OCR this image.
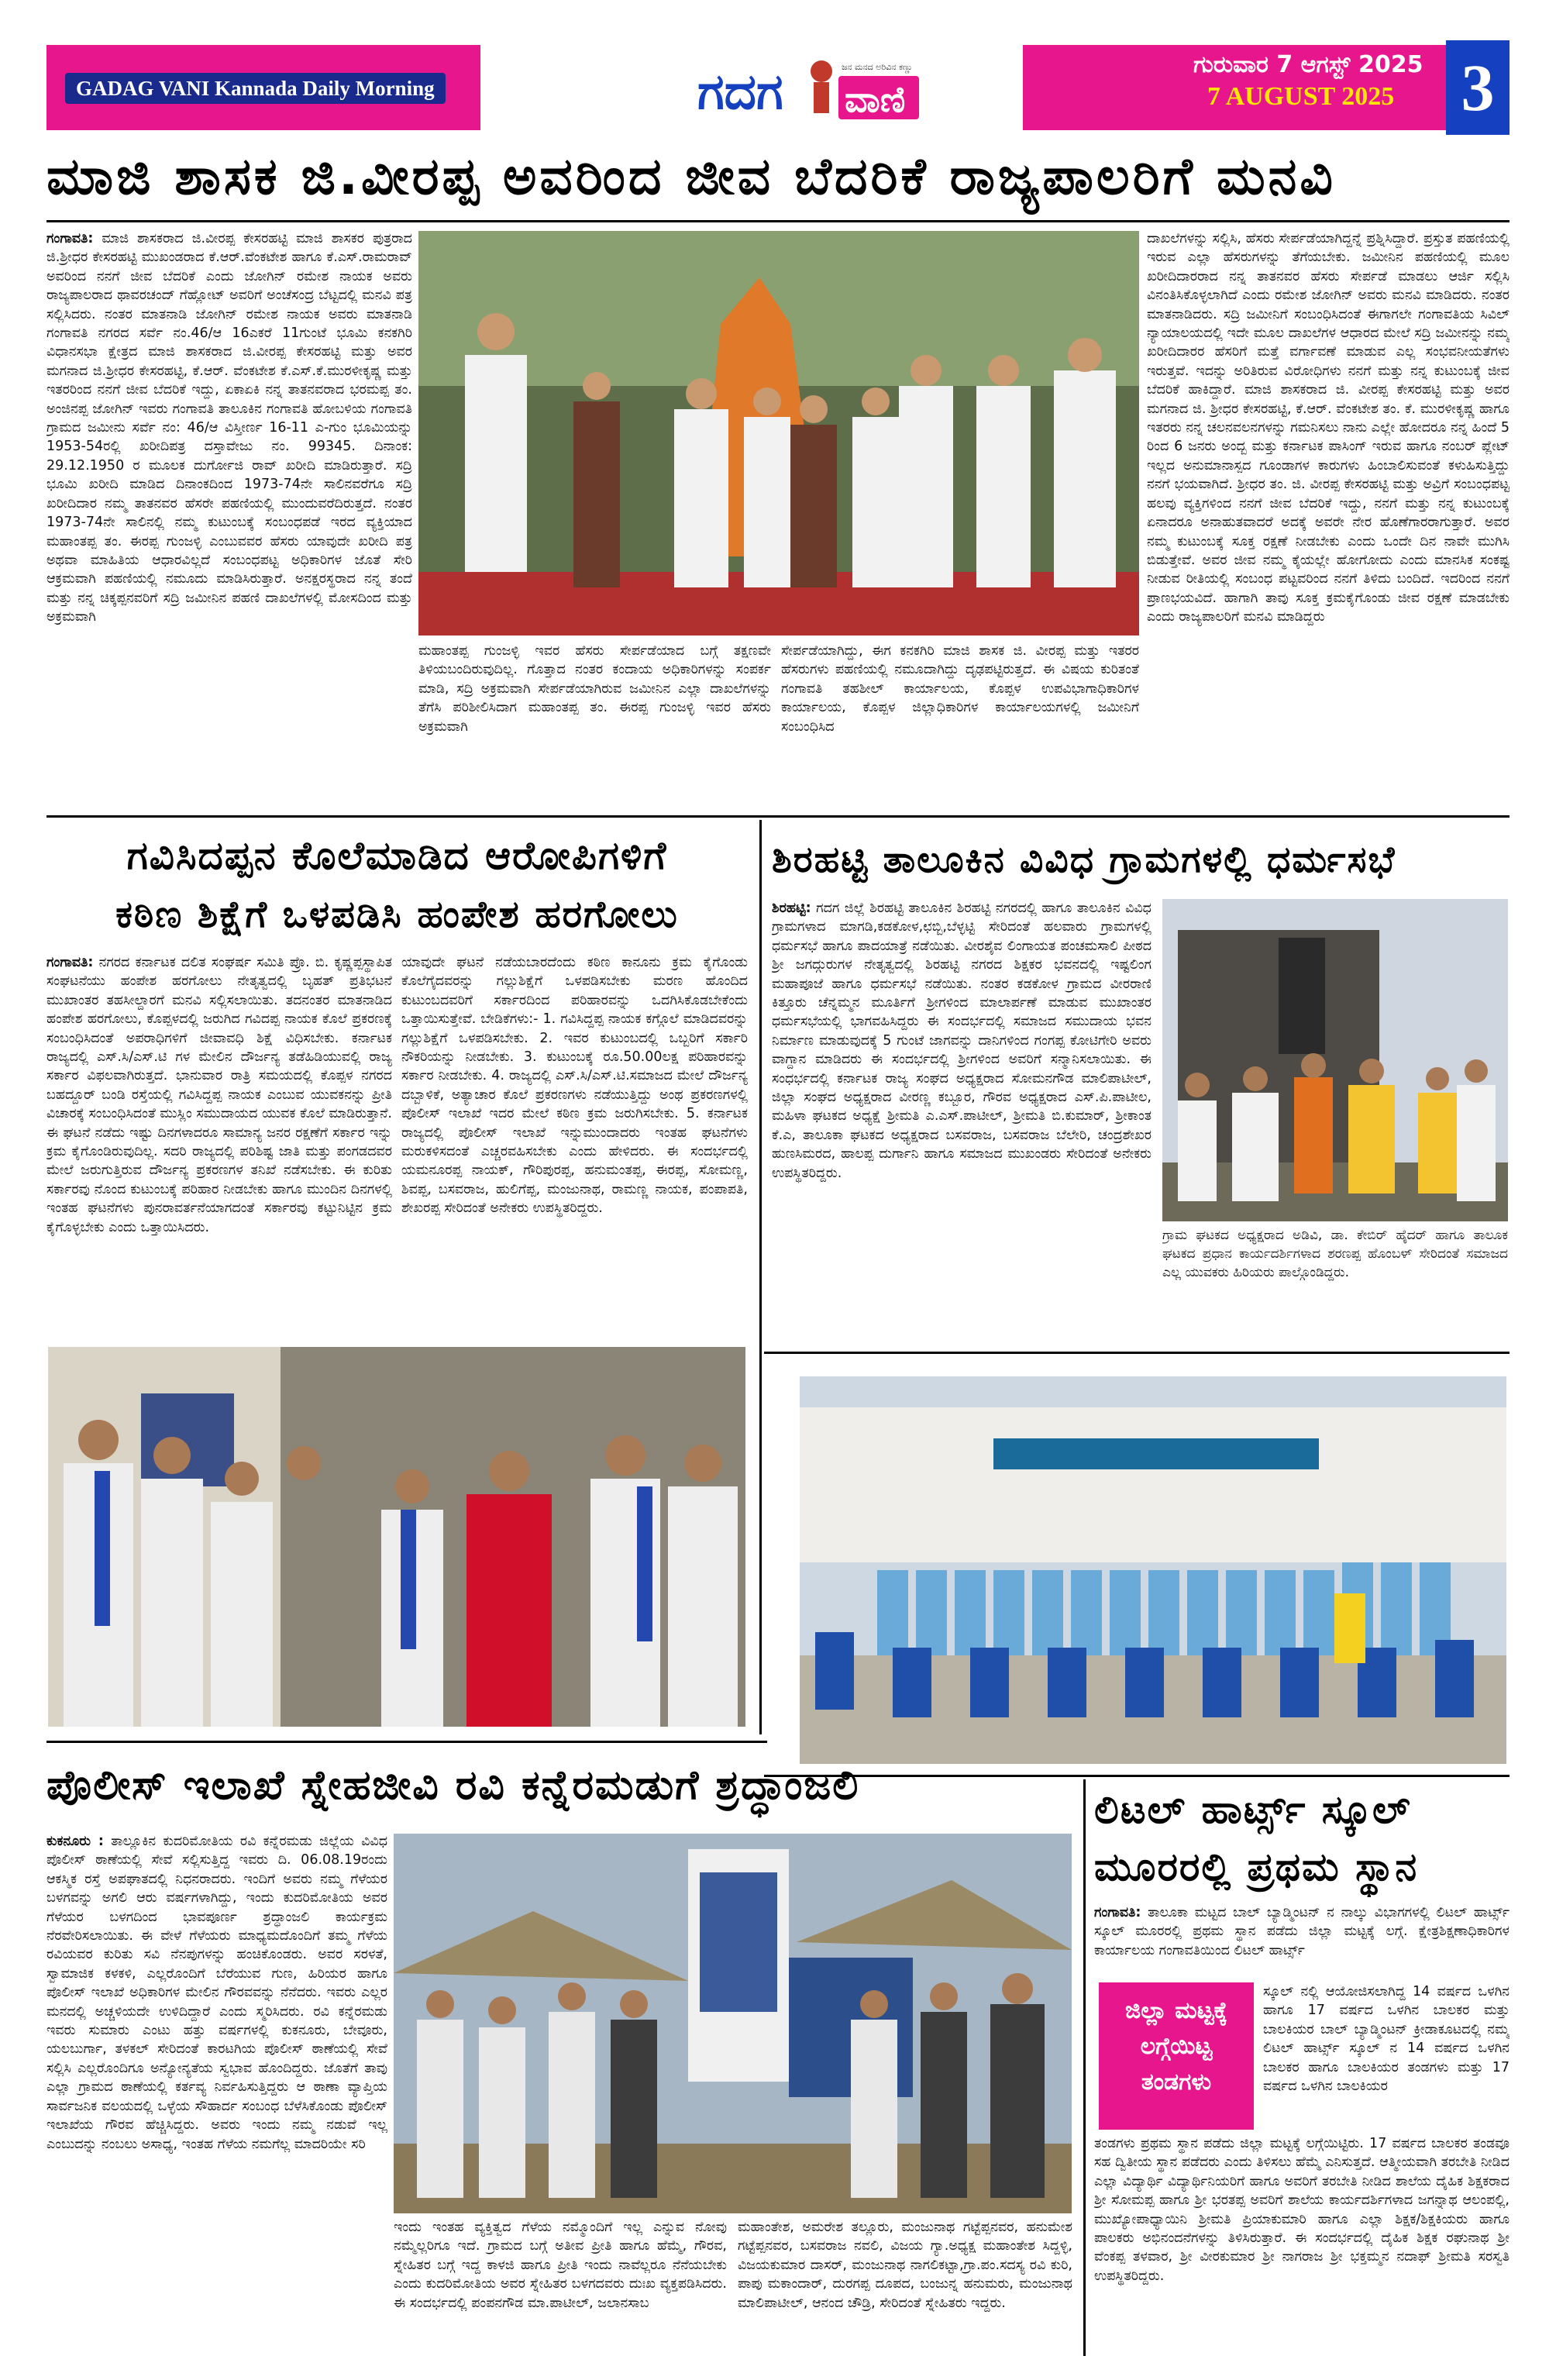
GADAG VANI Kannada Daily Morning	ಗದಗ ವಾಣಿ
ಜನ ಮನದ ಅರಿವಿನ ಕಣ್ಣು	ಗುರುವಾರ 7 ಆಗಸ್ಟ್ 2025
7 AUGUST 2025 3
ಮಾಜಿ ಶಾಸಕ ಜಿ.ವೀರಪ್ಪ ಅವರಿಂದ ಜೀವ ಬೆದರಿಕೆ ರಾಜ್ಯಪಾಲರಿಗೆ ಮನವಿ
ಗಂಗಾವತಿ: ಮಾಜಿ ಶಾಸಕರಾದ ಜಿ.ವೀರಪ್ಪ ಕೇಸರಹಟ್ಟಿ ಮಾಜಿ ಶಾಸಕರ ಪುತ್ರರಾದ ಜಿ.ಶ್ರೀಧರ ಕೇಸರಹಟ್ಟಿ ಮುಖಂಡರಾದ ಕೆ.ಆರ್.ವೆಂಕಟೇಶ ಹಾಗೂ ಕೆ.ಎಸ್.ರಾಮರಾವ್ ಅವರಿಂದ ನನಗೆ ಜೀವ ಬೆದರಿಕೆ ಎಂದು ಜೋಗಿನ್ ರಮೇಶ ನಾಯಕ ಅವರು ರಾಜ್ಯಪಾಲರಾದ ಥಾವರಚಂದ್ ಗೆಹ್ಲೋಟ್ ಅವರಿಗೆ ಅಂಚೆಸಂದ್ರ ಬೆಟ್ಟದಲ್ಲಿ ಮನವಿ ಪತ್ರ ಸಲ್ಲಿಸಿದರು. ನಂತರ ಮಾತನಾಡಿ ಜೋಗಿನ್ ರಮೇಶ ನಾಯಕ ಅವರು ಮಾತನಾಡಿ ಗಂಗಾವತಿ ನಗರದ ಸರ್ವೆ ನಂ.46/ಆ 16ಎಕರೆ 11ಗುಂಟೆ ಭೂಮಿ ಕನಕಗಿರಿ ವಿಧಾನಸಭಾ ಕ್ಷೇತ್ರದ ಮಾಜಿ ಶಾಸಕರಾದ ಜಿ.ವೀರಪ್ಪ ಕೇಸರಹಟ್ಟಿ ಮತ್ತು ಅವರ ಮಗನಾದ ಜಿ.ಶ್ರೀಧರ ಕೇಸರಹಟ್ಟಿ, ಕೆ.ಆರ್. ವೆಂಕಟೇಶ ಕೆ.ಎಸ್.ಕೆ.ಮುರಳೀಕೃಷ್ಣ ಮತ್ತು ಇತರರಿಂದ ನನಗೆ ಜೀವ ಬೆದರಿಕೆ ಇದ್ದು, ಏಕಾಏಕಿ ನನ್ನ ತಾತನವರಾದ ಭರಮಪ್ಪ ತಂ. ಅಂಜಿನಪ್ಪ ಜೋಗಿನ್ ಇವರು ಗಂಗಾವತಿ ತಾಲೂಕಿನ ಗಂಗಾವತಿ ಹೋಬಳಿಯ ಗಂಗಾವತಿ ಗ್ರಾಮದ ಜಮೀನು ಸರ್ವೆ ನಂ: 46/ಆ ವಿಸ್ತೀರ್ಣ 16-11 ಎ-ಗುಂ ಭೂಮಿಯನ್ನು 1953-54ರಲ್ಲಿ ಖರೀದಿಪತ್ರ ದಸ್ತಾವೇಜು ನಂ. 99345. ದಿನಾಂಕ: 29.12.1950 ರ ಮೂಲಕ ದುರ್ಗೋಜಿ ರಾವ್ ಖರೀದಿ ಮಾಡಿರುತ್ತಾರೆ. ಸದ್ರಿ ಭೂಮಿ ಖರೀದಿ ಮಾಡಿದ ದಿನಾಂಕದಿಂದ 1973-74ನೇ ಸಾಲಿನವರೆಗೂ ಸದ್ರಿ ಖರೀದಿದಾರ ನಮ್ಮ ತಾತನವರ ಹೆಸರೇ ಪಹಣಿಯಲ್ಲಿ ಮುಂದುವರೆದಿರುತ್ತದೆ. ನಂತರ 1973-74ನೇ ಸಾಲಿನಲ್ಲಿ ನಮ್ಮ ಕುಟುಂಬಕ್ಕೆ ಸಂಬಂಧಪಡೆ ಇರದ ವ್ಯಕ್ತಿಯಾದ ಮಹಾಂತಪ್ಪ ತಂ. ಈರಪ್ಪ ಗುಂಜಳ್ಳಿ ಎಂಬುವವರ ಹೆಸರು ಯಾವುದೇ ಖರೀದಿ ಪತ್ರ ಅಥವಾ ಮಾಹಿತಿಯ ಆಧಾರವಿಲ್ಲದೆ ಸಂಬಂಧಪಟ್ಟ ಅಧಿಕಾರಿಗಳ ಜೊತೆ ಸೇರಿ ಆಕ್ರಮವಾಗಿ ಪಹಣಿಯಲ್ಲಿ ನಮೂದು ಮಾಡಿಸಿರುತ್ತಾರೆ. ಅನಕ್ಷರಸ್ಥರಾದ ನನ್ನ ತಂದೆ ಮತ್ತು ನನ್ನ ಚಿಕ್ಕಪ್ಪನವರಿಗೆ ಸದ್ರಿ ಜಮೀನಿನ ಪಹಣಿ ದಾಖಲೆಗಳಲ್ಲಿ ಮೋಸದಿಂದ ಮತ್ತು ಅಕ್ರಮವಾಗಿ
ಮಹಾಂತಪ್ಪ ಗುಂಜಳ್ಳಿ ಇವರ ಹೆಸರು ಸೇರ್ಪಡೆಯಾದ ಬಗ್ಗೆ ತಕ್ಷಣವೇ ತಿಳಿಯಬಂದಿರುವುದಿಲ್ಲ. ಗೊತ್ತಾದ ನಂತರ ಕಂದಾಯ ಅಧಿಕಾರಿಗಳನ್ನು ಸಂಪರ್ಕ ಮಾಡಿ, ಸದ್ರಿ ಅಕ್ರಮವಾಗಿ ಸೇರ್ಪಡೆಯಾಗಿರುವ ಜಮೀನಿನ ಎಲ್ಲಾ ದಾಖಲೆಗಳನ್ನು ತೆಗೆಸಿ ಪರಿಶೀಲಿಸಿದಾಗ ಮಹಾಂತಪ್ಪ ತಂ. ಈರಪ್ಪ ಗುಂಜಳ್ಳಿ ಇವರ ಹೆಸರು ಅಕ್ರಮವಾಗಿ
ಸೇರ್ಪಡೆಯಾಗಿದ್ದು, ಈಗ ಕನಕಗಿರಿ ಮಾಜಿ ಶಾಸಕ ಜಿ. ವೀರಪ್ಪ ಮತ್ತು ಇತರರ ಹೆಸರುಗಳು ಪಹಣಿಯಲ್ಲಿ ನಮೂದಾಗಿದ್ದು ದೃಢಪಟ್ಟಿರುತ್ತದೆ. ಈ ವಿಷಯ ಕುರಿತಂತೆ ಗಂಗಾವತಿ ತಹಶೀಲ್ ಕಾರ್ಯಾಲಯ, ಕೊಪ್ಪಳ ಉಪವಿಭಾಗಾಧಿಕಾರಿಗಳ ಕಾರ್ಯಾಲಯ, ಕೊಪ್ಪಳ ಜಿಲ್ಲಾಧಿಕಾರಿಗಳ ಕಾರ್ಯಾಲಯಗಳಲ್ಲಿ ಜಮೀನಿಗೆ ಸಂಬಂಧಿಸಿದ
ದಾಖಲೆಗಳನ್ನು ಸಲ್ಲಿಸಿ, ಹೆಸರು ಸೇರ್ಪಡೆಯಾಗಿದ್ದನ್ನೆ ಪ್ರಶ್ನಿಸಿದ್ದಾರೆ. ಪ್ರಸ್ತುತ ಪಹಣಿಯಲ್ಲಿ ಇರುವ ಎಲ್ಲಾ ಹೆಸರುಗಳನ್ನು ತೆಗೆಯಬೇಕು. ಜಮೀನಿನ ಪಹಣಿಯಲ್ಲಿ ಮೂಲ ಖರೀದಿದಾರರಾದ ನನ್ನ ತಾತನವರ ಹೆಸರು ಸೇರ್ಪಡೆ ಮಾಡಲು ಆರ್ಜಿ ಸಲ್ಲಿಸಿ ವಿನಂತಿಸಿಕೊಳ್ಳಲಾಗಿದೆ ಎಂದು ರಮೇಶ ಜೋಗಿನ್ ಅವರು ಮನವಿ ಮಾಡಿದರು. ನಂತರ ಮಾತನಾಡಿದರು. ಸದ್ರಿ ಜಮೀನಿಗೆ ಸಂಬಂಧಿಸಿದಂತೆ ಈಗಾಗಲೇ ಗಂಗಾವತಿಯ ಸಿವಿಲ್ ನ್ಯಾಯಾಲಯದಲ್ಲಿ ಇದೇ ಮೂಲ ದಾಖಲೆಗಳ ಆಧಾರದ ಮೇಲೆ ಸದ್ರಿ ಜಮೀನನ್ನು ನಮ್ಮ ಖರೀದಿದಾರರ ಹೆಸರಿಗೆ ಮತ್ತೆ ವರ್ಗಾವಣೆ ಮಾಡುವ ಎಲ್ಲ ಸಂಭವನೀಯತೆಗಳು ಇರುತ್ತವೆ. ಇದನ್ನು ಅರಿತಿರುವ ವಿರೋಧಿಗಳು ನನಗೆ ಮತ್ತು ನನ್ನ ಕುಟುಂಬಕ್ಕೆ ಜೀವ ಬೆದರಿಕೆ ಹಾಕಿದ್ದಾರೆ. ಮಾಜಿ ಶಾಸಕರಾದ ಜಿ. ವೀರಪ್ಪ ಕೇಸರಹಟ್ಟಿ ಮತ್ತು ಅವರ ಮಗನಾದ ಜಿ. ಶ್ರೀಧರ ಕೇಸರಹಟ್ಟಿ, ಕೆ.ಆರ್. ವೆಂಕಟೇಶ ತಂ. ಕೆ. ಮುರಳೀಕೃಷ್ಣ ಹಾಗೂ ಇತರರು ನನ್ನ ಚಲನವಲನಗಳನ್ನು ಗಮನಿಸಲು ನಾನು ಎಲ್ಲೇ ಹೋದರೂ ನನ್ನ ಹಿಂದೆ 5 ರಿಂದ 6 ಜನರು ಅಂದ್ಬ ಮತ್ತು ಕರ್ನಾಟಕ ಪಾಸಿಂಗ್ ಇರುವ ಹಾಗೂ ನಂಬರ್ ಪ್ಲೇಟ್ ಇಲ್ಲದ ಅನುಮಾನಾಸ್ಪದ ಗೂಂಡಾಗಳ ಕಾರುಗಳು ಹಿಂಬಾಲಿಸುವಂತೆ ಕಳುಹಿಸುತ್ತಿದ್ದು ನನಗೆ ಭಯವಾಗಿದೆ. ಶ್ರೀಧರ ತಂ. ಜಿ. ವೀರಪ್ಪ ಕೇಸರಹಟ್ಟಿ ಮತ್ತು ಅವ್ರಿಗೆ ಸಂಬಂಧಪಟ್ಟ ಹಲವು ವ್ಯಕ್ತಿಗಳಿಂದ ನನಗೆ ಜೀವ ಬೆದರಿಕೆ ಇದ್ದು, ನನಗೆ ಮತ್ತು ನನ್ನ ಕುಟುಂಬಕ್ಕೆ ಏನಾದರೂ ಅನಾಹುತವಾದರೆ ಅದಕ್ಕೆ ಅವರೇ ನೇರ ಹೊಣೆಗಾರರಾಗುತ್ತಾರೆ. ಅವರ ನಮ್ಮ ಕುಟುಂಬಕ್ಕೆ ಸೂಕ್ತ ರಕ್ಷಣೆ ನೀಡಬೇಕು ಎಂದು ಒಂದೇ ದಿನ ನಾವೇ ಮುಗಿಸಿ ಬಿಡುತ್ತೇವೆ. ಅವರ ಜೀವ ನಮ್ಮ ಕೈಯಲ್ಲೇ ಹೋಗೋದು ಎಂದು ಮಾನಸಿಕ ಸಂಕಷ್ಟ ನೀಡುವ ರೀತಿಯಲ್ಲಿ ಸಂಬಂಧ ಪಟ್ಟವರಿಂದ ನನಗೆ ತಿಳಿದು ಬಂದಿದೆ. ಇದರಿಂದ ನನಗೆ ಪ್ರಾಣಭಯವಿದೆ. ಹಾಗಾಗಿ ತಾವು ಸೂಕ್ತ ಕ್ರಮಕೈಗೊಂಡು ಜೀವ ರಕ್ಷಣೆ ಮಾಡಬೇಕು ಎಂದು ರಾಜ್ಯಪಾಲರಿಗೆ ಮನವಿ ಮಾಡಿದ್ದರು
ಗವಿಸಿದಪ್ಪನ ಕೊಲೆಮಾಡಿದ ಆರೋಪಿಗಳಿಗೆ
ಕಠಿಣ ಶಿಕ್ಷೆಗೆ ಒಳಪಡಿಸಿ ಹಂಪೇಶ ಹರಗೋಲು
ಗಂಗಾವತಿ: ನಗರದ ಕರ್ನಾಟಕ ದಲಿತ ಸಂಘರ್ಷ ಸಮಿತಿ ಪ್ರೊ. ಬಿ. ಕೃಷ್ಣಪ್ಪಸ್ಥಾಪಿತ ಸಂಘಟನೆಯು ಹಂಪೇಶ ಹರಗೋಲು ನೇತೃತ್ವದಲ್ಲಿ ಬೃಹತ್ ಪ್ರತಿಭಟನೆ ಮುಖಾಂತರ ತಹಸೀಲ್ದಾರಗೆ ಮನವಿ ಸಲ್ಲಿಸಲಾಯಿತು. ತದನಂತರ ಮಾತನಾಡಿದ ಹಂಪೇಶ ಹರಗೋಲು, ಕೊಪ್ಪಳದಲ್ಲಿ ಜರುಗಿದ ಗವಿದಪ್ಪ ನಾಯಕ ಕೊಲೆ ಪ್ರಕರಣಕ್ಕೆ ಸಂಬಂಧಿಸಿದಂತೆ ಅಪರಾಧಿಗಳಿಗೆ ಜೀವಾವಧಿ ಶಿಕ್ಷೆ ವಿಧಿಸಬೇಕು. ಕರ್ನಾಟಕ ರಾಜ್ಯದಲ್ಲಿ ಎಸ್.ಸಿ/ಎಸ್.ಟಿ ಗಳ ಮೇಲಿನ ದೌರ್ಜನ್ಯ ತಡೆಹಿಡಿಯುವಲ್ಲಿ ರಾಜ್ಯ ಸರ್ಕಾರ ವಿಫಲವಾಗಿರುತ್ತದೆ. ಭಾನುವಾರ ರಾತ್ರಿ ಸಮಯದಲ್ಲಿ ಕೊಪ್ಪಳ ನಗರದ ಬಹದ್ದೂರ್ ಬಂಡಿ ರಸ್ತೆಯಲ್ಲಿ ಗವಿಸಿದ್ದಪ್ಪ ನಾಯಕ ಎಂಬುವ ಯುವಕನನ್ನು ಪ್ರೀತಿ ವಿಚಾರಕ್ಕೆ ಸಂಬಂಧಿಸಿದಂತೆ ಮುಸ್ಲಿಂ ಸಮುದಾಯದ ಯುವಕ ಕೊಲೆ ಮಾಡಿರುತ್ತಾನೆ. ಈ ಘಟನೆ ನಡೆದು ಇಷ್ಟು ದಿನಗಳಾದರೂ ಸಾಮಾನ್ಯ ಜನರ ರಕ್ಷಣೆಗೆ ಸರ್ಕಾರ ಇನ್ನು ಕ್ರಮ ಕೈಗೊಂಡಿರುವುದಿಲ್ಲ. ಸದರಿ ರಾಜ್ಯದಲ್ಲಿ ಪರಿಶಿಷ್ಟ ಜಾತಿ ಮತ್ತು ಪಂಗಡದವರ ಮೇಲೆ ಜರುಗುತ್ತಿರುವ ದೌರ್ಜನ್ಯ ಪ್ರಕರಣಗಳ ತನಿಖೆ ನಡೆಸಬೇಕು. ಈ ಕುರಿತು ಸರ್ಕಾರವು ನೊಂದ ಕುಟುಂಬಕ್ಕೆ ಪರಿಹಾರ ನೀಡಬೇಕು ಹಾಗೂ ಮುಂದಿನ ದಿನಗಳಲ್ಲಿ ಇಂತಹ ಘಟನೆಗಳು ಪುನರಾವರ್ತನೆಯಾಗದಂತೆ ಸರ್ಕಾರವು ಕಟ್ಟುನಿಟ್ಟಿನ ಕ್ರಮ ಕೈಗೊಳ್ಳಬೇಕು ಎಂದು ಒತ್ತಾಯಿಸಿದರು.
ಯಾವುದೇ ಘಟನೆ ನಡೆಯಬಾರದೆಂದು ಕಠಿಣ ಕಾನೂನು ಕ್ರಮ ಕೈಗೊಂಡು ಕೊಲೆಗೈದವರನ್ನು ಗಲ್ಲುಶಿಕ್ಷೆಗೆ ಒಳಪಡಿಸಬೇಕು ಮರಣ ಹೊಂದಿದ ಕುಟುಂಬದವರಿಗೆ ಸರ್ಕಾರದಿಂದ ಪರಿಹಾರವನ್ನು ಒದಗಿಸಿಕೊಡಬೇಕೆಂದು ಒತ್ತಾಯಿಸುತ್ತೇವೆ. ಬೇಡಿಕೆಗಳು:- 1. ಗವಿಸಿದ್ದಪ್ಪ ನಾಯಕ ಕಗ್ಗೊಲೆ ಮಾಡಿದವರನ್ನು ಗಲ್ಲುಶಿಕ್ಷೆಗೆ ಒಳಪಡಿಸಬೇಕು. 2. ಇವರ ಕುಟುಂಬದಲ್ಲಿ ಒಬ್ಬರಿಗೆ ಸರ್ಕಾರಿ ನೌಕರಿಯನ್ನು ನೀಡಬೇಕು. 3. ಕುಟುಂಬಕ್ಕೆ ರೂ.50.00ಲಕ್ಷ ಪರಿಹಾರವನ್ನು ಸರ್ಕಾರ ನೀಡಬೇಕು. 4. ರಾಜ್ಯದಲ್ಲಿ ಎಸ್.ಸಿ/ಎಸ್.ಟಿ.ಸಮಾಜದ ಮೇಲೆ ದೌರ್ಜನ್ಯ ದಬ್ಬಾಳಿಕೆ, ಅತ್ಯಾಚಾರ ಕೊಲೆ ಪ್ರಕರಣಗಳು ನಡೆಯುತ್ತಿದ್ದು ಅಂಥ ಪ್ರಕರಣಗಳಲ್ಲಿ ಪೊಲೀಸ್ ಇಲಾಖೆ ಇದರ ಮೇಲೆ ಕಠಿಣ ಕ್ರಮ ಜರುಗಿಸಬೇಕು. 5. ಕರ್ನಾಟಕ ರಾಜ್ಯದಲ್ಲಿ ಪೊಲೀಸ್ ಇಲಾಖೆ ಇನ್ನುಮುಂದಾದರು ಇಂತಹ ಘಟನೆಗಳು ಮರುಕಳಿಸದಂತೆ ಎಚ್ಚರವಹಿಸಬೇಕು ಎಂದು ಹೇಳಿದರು. ಈ ಸಂದರ್ಭದಲ್ಲಿ ಯಮನೂರಪ್ಪ ನಾಯಕ್, ಗೌರಿಪುರಪ್ಪ, ಹನುಮಂತಪ್ಪ, ಈರಪ್ಪ, ಸೋಮಣ್ಣ, ಶಿವಪ್ಪ, ಬಸವರಾಜ, ಹುಲಿಗೆಪ್ಪ, ಮಂಜುನಾಥ, ರಾಮಣ್ಣ ನಾಯಕ, ಪಂಪಾಪತಿ, ಶೇಖರಪ್ಪ ಸೇರಿದಂತೆ ಅನೇಕರು ಉಪಸ್ಥಿತರಿದ್ದರು.
ಶಿರಹಟ್ಟಿ ತಾಲೂಕಿನ ವಿವಿಧ ಗ್ರಾಮಗಳಲ್ಲಿ ಧರ್ಮಸಭೆ
ಶಿರಹಟ್ಟಿ: ಗದಗ ಜಿಲ್ಲೆ ಶಿರಹಟ್ಟಿ ತಾಲೂಕಿನ ಶಿರಹಟ್ಟಿ ನಗರದಲ್ಲಿ ಹಾಗೂ ತಾಲೂಕಿನ ವಿವಿಧ ಗ್ರಾಮಗಳಾದ ಮಾಗಡಿ,ಕಡಕೋಳ,ಛಬ್ಬಿ,ಬೆಳ್ಳಟ್ಟಿ ಸೇರಿದಂತೆ ಹಲವಾರು ಗ್ರಾಮಗಳಲ್ಲಿ ಧರ್ಮಸಭೆ ಹಾಗೂ ಪಾದಯಾತ್ರೆ ನಡೆಯಿತು. ವೀರಶೈವ ಲಿಂಗಾಯತ ಪಂಚಮಸಾಲಿ ಪೀಠದ ಶ್ರೀ ಜಗದ್ಗುರುಗಳ ನೇತೃತ್ವದಲ್ಲಿ ಶಿರಹಟ್ಟಿ ನಗರದ ಶಿಕ್ಷಕರ ಭವನದಲ್ಲಿ ಇಷ್ಟಲಿಂಗ ಮಹಾಪೂಜೆ ಹಾಗೂ ಧರ್ಮಸಭೆ ನಡೆಯಿತು. ನಂತರ ಕಡಕೋಳ ಗ್ರಾಮದ ವೀರರಾಣಿ ಕಿತ್ತೂರು ಚೆನ್ನಮ್ಮನ ಮೂರ್ತಿಗೆ ಶ್ರೀಗಳಿಂದ ಮಾಲಾರ್ಪಣೆ ಮಾಡುವ ಮುಖಾಂತರ ಧರ್ಮಸಭೆಯಲ್ಲಿ ಭಾಗವಹಿಸಿದ್ದರು ಈ ಸಂದರ್ಭದಲ್ಲಿ ಸಮಾಜದ ಸಮುದಾಯ ಭವನ ನಿರ್ಮಾಣ ಮಾಡುವುದಕ್ಕೆ 5 ಗುಂಟೆ ಜಾಗವನ್ನು ದಾನಿಗಳಿಂದ ಗಂಗಪ್ಪ ಕೋಟಿಗೇರಿ ಅವರು ವಾಗ್ದಾನ ಮಾಡಿದರು ಈ ಸಂದರ್ಭದಲ್ಲಿ ಶ್ರೀಗಳಿಂದ ಅವರಿಗೆ ಸನ್ಮಾನಿಸಲಾಯಿತು. ಈ ಸಂಧರ್ಭದಲ್ಲಿ ಕರ್ನಾಟಕ ರಾಜ್ಯ ಸಂಘದ ಅಧ್ಯಕ್ಷರಾದ ಸೋಮನಗೌಡ ಮಾಲಿಪಾಟೀಲ್, ಜಿಲ್ಲಾ ಸಂಘದ ಅಧ್ಯಕ್ಷರಾದ ವೀರಣ್ಣ ಕಬ್ಬೂರ, ಗೌರವ ಅಧ್ಯಕ್ಷರಾದ ಎಸ್.ಪಿ.ಪಾಟೀಲ, ಮಹಿಳಾ ಘಟಕದ ಅಧ್ಯಕ್ಷೆ ಶ್ರೀಮತಿ ಎ.ಎಸ್.ಪಾಟೀಲ್, ಶ್ರೀಮತಿ ಬಿ.ಕುಮಾರ್, ಶ್ರೀಕಾಂತ ಕೆ.ಎ, ತಾಲೂಕಾ ಘಟಕದ ಅಧ್ಯಕ್ಷರಾದ ಬಸವರಾಜ, ಬಸವರಾಜ ಬೆಲೇರಿ, ಚಂದ್ರಶೇಖರ ಹುಣಸಿಮರದ, ಹಾಲಪ್ಪ ದುರ್ಗಾನಿ ಹಾಗೂ ಸಮಾಜದ ಮುಖಂಡರು ಸೇರಿದಂತೆ ಅನೇಕರು ಉಪಸ್ಥಿತರಿದ್ದರು.
ಗ್ರಾಮ ಘಟಕದ ಅಧ್ಯಕ್ಷರಾದ ಅಡಿವಿ, ಡಾ. ಕೇಬಿರ್ ಹೈದರ್ ಹಾಗೂ ತಾಲೂಕ ಘಟಕದ ಪ್ರಧಾನ ಕಾರ್ಯದರ್ಶಿಗಳಾದ ಶರಣಪ್ಪ ಹೊಂಬಳ್ ಸೇರಿದಂತೆ ಸಮಾಜದ ಎಲ್ಲ ಯುವಕರು ಹಿರಿಯರು ಪಾಲ್ಗೊಂಡಿದ್ದರು.
ಪೊಲೀಸ್ ಇಲಾಖೆ ಸ್ನೇಹಜೀವಿ ರವಿ ಕನ್ನೆರಮಡುಗೆ ಶ್ರದ್ಧಾಂಜಲಿ
ಕುಕನೂರು : ತಾಲ್ಲೂಕಿನ ಕುದರಿಮೋತಿಯ ರವಿ ಕನ್ನೆರಮಡು ಜಿಲ್ಲೆಯ ವಿವಿಧ ಪೊಲೀಸ್ ಠಾಣೆಯಲ್ಲಿ ಸೇವೆ ಸಲ್ಲಿಸುತ್ತಿದ್ದ ಇವರು ದಿ. 06.08.19ರಂದು ಆಕಸ್ಮಿಕ ರಸ್ತೆ ಅಪಘಾತದಲ್ಲಿ ನಿಧನರಾದರು. ಇಂದಿಗೆ ಅವರು ನಮ್ಮ ಗೆಳೆಯರ ಬಳಗವನ್ನು ಅಗಲಿ ಆರು ವರ್ಷಗಳಾಗಿದ್ದು, ಇಂದು ಕುದರಿಮೋತಿಯ ಅವರ ಗೆಳೆಯರ ಬಳಗದಿಂದ ಭಾವಪೂರ್ಣ ಶ್ರದ್ಧಾಂಜಲಿ ಕಾರ್ಯಕ್ರಮ ನೆರವೇರಿಸಲಾಯಿತು. ಈ ವೇಳೆ ಗೆಳೆಯರು ಮಾಧ್ಯಮದೊಂದಿಗೆ ತಮ್ಮ ಗೆಳೆಯ ರವಿಯವರ ಕುರಿತು ಸವಿ ನೆನಪುಗಳನ್ನು ಹಂಚಿಕೊಂಡರು. ಅವರ ಸರಳತೆ, ಸ್ವಾಮಾಜಿಕ ಕಳಕಳಿ, ಎಲ್ಲರೊಂದಿಗೆ ಬೆರೆಯುವ ಗುಣ, ಹಿರಿಯರ ಹಾಗೂ ಪೊಲೀಸ್ ಇಲಾಖೆ ಅಧಿಕಾರಿಗಳ ಮೇಲಿನ ಗೌರವವನ್ನು ನೆನೆದರು. ಇವರು ಎಲ್ಲರ ಮನದಲ್ಲಿ ಅಚ್ಚಳಿಯದೇ ಉಳಿದಿದ್ದಾರೆ ಎಂದು ಸ್ಮರಿಸಿದರು. ರವಿ ಕನ್ನೆರಮಡು ಇವರು ಸುಮಾರು ಎಂಟು ಹತ್ತು ವರ್ಷಗಳಲ್ಲಿ ಕುಕನೂರು, ಬೇವೂರು, ಯಲಬುರ್ಗಾ, ತಳಕಲ್ ಸೇರಿದಂತೆ ಕಾರಟಗಿಯ ಪೊಲೀಸ್ ಠಾಣೆಯಲ್ಲಿ ಸೇವೆ ಸಲ್ಲಿಸಿ ಎಲ್ಲರೊಂದಿಗೂ ಅನ್ಯೋನ್ಯತೆಯ ಸ್ವಭಾವ ಹೊಂದಿದ್ದರು. ಜೊತೆಗೆ ತಾವು ಎಲ್ಲಾ ಗ್ರಾಮದ ಠಾಣೆಯಲ್ಲಿ ಕರ್ತವ್ಯ ನಿರ್ವಹಿಸುತ್ತಿದ್ದರು ಆ ಠಾಣಾ ವ್ಯಾಪ್ತಿಯ ಸಾರ್ವಜನಿಕ ವಲಯದಲ್ಲಿ ಒಳ್ಳೆಯ ಸೌಹಾರ್ದ ಸಂಬಂಧ ಬೆಳೆಸಿಕೊಂಡು ಪೊಲೀಸ್ ಇಲಾಖೆಯ ಗೌರವ ಹೆಚ್ಚಿಸಿದ್ದರು. ಅವರು ಇಂದು ನಮ್ಮ ನಡುವೆ ಇಲ್ಲ ಎಂಬುದನ್ನು ನಂಬಲು ಅಸಾಧ್ಯ, ಇಂತಹ ಗೆಳೆಯ ನಮಗೆಲ್ಲ ಮಾದರಿಯೇ ಸರಿ
ಇಂದು ಇಂತಹ ವ್ಯಕ್ತಿತ್ವದ ಗೆಳೆಯ ನಮ್ಮೊಂದಿಗೆ ಇಲ್ಲ ಎನ್ನುವ ನೋವು ನಮ್ಮೆಲ್ಲರಿಗೂ ಇದೆ. ಗ್ರಾಮದ ಬಗ್ಗೆ ಅತೀವ ಪ್ರೀತಿ ಹಾಗೂ ಹೆಮ್ಮೆ, ಗೌರವ, ಸ್ನೇಹಿತರ ಬಗ್ಗೆ ಇದ್ದ ಕಾಳಜಿ ಹಾಗೂ ಪ್ರೀತಿ ಇಂದು ನಾವೆಲ್ಲರೂ ನೆನೆಯಬೇಕು ಎಂದು ಕುದರಿಮೋತಿಯ ಅವರ ಸ್ನೇಹಿತರ ಬಳಗದವರು ದುಃಖ ವ್ಯಕ್ತಪಡಿಸಿದರು. ಈ ಸಂದರ್ಭದಲ್ಲಿ ಪಂಪನಗೌಡ ಮಾ.ಪಾಟೀಲ್, ಜಲಾನಸಾಬ
ಮಹಾಂತೇಶ, ಅಮರೇಶ ತಲ್ಲೂರು, ಮಂಜುನಾಥ ಗಟ್ಟೆಪ್ಪನವರ, ಹನುಮೇಶ ಗಟ್ಟೆಪ್ಪನವರ, ಬಸವರಾಜ ನವಲಿ, ವಿಜಯ ಗ್ಯಾ.ಅಧ್ಯಕ್ಷ ಮಹಾಂತೇಶ ಸಿದ್ದಳ್ಳಿ, ವಿಜಯಕುಮಾರ ದಾಸರ್, ಮಂಜುನಾಥ ನಾಗಲಿಕಟ್ಟಾ,ಗ್ರಾ.ಪಂ.ಸದಸ್ಯ ರವಿ ಕುರಿ, ಪಾಪು ಮಕಾಂದಾರ್, ದುರಗಪ್ಪ ದೂಪದ, ಬಂಜುನ್ನ ಹನುಮರು, ಮಂಜುನಾಥ ಮಾಲಿಪಾಟೀಲ್, ಆನಂದ ಚೌಡ್ರಿ, ಸೇರಿದಂತೆ ಸ್ನೇಹಿತರು ಇದ್ದರು.
ಲಿಟಲ್ ಹಾರ್ಟ್ಸ್ ಸ್ಕೂಲ್
ಮೂರರಲ್ಲಿ ಪ್ರಥಮ ಸ್ಥಾನ
ಗಂಗಾವತಿ: ತಾಲೂಕಾ ಮಟ್ಟದ ಬಾಲ್ ಬ್ಯಾಡ್ಮಿಂಟನ್ ನ ನಾಲ್ಕು ವಿಭಾಗಗಳಲ್ಲಿ ಲಿಟಲ್ ಹಾರ್ಟ್ಸ್ ಸ್ಕೂಲ್ ಮೂರರಲ್ಲಿ ಪ್ರಥಮ ಸ್ಥಾನ ಪಡೆದು ಜಿಲ್ಲಾ ಮಟ್ಟಕ್ಕೆ ಲಗ್ಗೆ. ಕ್ಷೇತ್ರಶಿಕ್ಷಣಾಧಿಕಾರಿಗಳ ಕಾರ್ಯಾಲಯ ಗಂಗಾವತಿಯಿಂದ ಲಿಟಲ್ ಹಾರ್ಟ್ಸ್
ಜಿಲ್ಲಾ ಮಟ್ಟಕ್ಕೆ
ಲಗ್ಗೆಯಿಟ್ಟ
ತಂಡಗಳು
ಸ್ಕೂಲ್ ನಲ್ಲಿ ಆಯೋಜಿಸಲಾಗಿದ್ದ 14 ವರ್ಷದ ಒಳಗಿನ ಹಾಗೂ 17 ವರ್ಷದ ಒಳಗಿನ ಬಾಲಕರ ಮತ್ತು ಬಾಲಕಿಯರ ಬಾಲ್ ಬ್ಯಾಡ್ಮಿಂಟನ್ ಕ್ರೀಡಾಕೂಟದಲ್ಲಿ ನಮ್ಮ ಲಿಟಲ್ ಹಾರ್ಟ್ಸ್ ಸ್ಕೂಲ್ ನ 14 ವರ್ಷದ ಒಳಗಿನ ಬಾಲಕರ ಹಾಗೂ ಬಾಲಕಿಯರ ತಂಡಗಳು ಮತ್ತು 17 ವರ್ಷದ ಒಳಗಿನ ಬಾಲಕಿಯರ
ತಂಡಗಳು ಪ್ರಥಮ ಸ್ಥಾನ ಪಡೆದು ಜಿಲ್ಲಾ ಮಟ್ಟಕ್ಕೆ ಲಗ್ಗೆಯಿಟ್ಟಿರು. 17 ವರ್ಷದ ಬಾಲಕರ ತಂಡವೂ ಸಹ ದ್ವಿತೀಯ ಸ್ಥಾನ ಪಡೆದರು ಎಂದು ತಿಳಿಸಲು ಹೆಮ್ಮೆ ಎನಿಸುತ್ತದೆ. ಆತ್ಮೀಯವಾಗಿ ತರಬೇತಿ ನೀಡಿದ ಎಲ್ಲಾ ವಿದ್ಯಾರ್ಥಿ ವಿದ್ಯಾರ್ಥಿನಿಯರಿಗೆ ಹಾಗೂ ಅವರಿಗೆ ತರಬೇತಿ ನೀಡಿದ ಶಾಲೆಯ ದೈಹಿಕ ಶಿಕ್ಷಕರಾದ ಶ್ರೀ ಸೋಮಪ್ಪ ಹಾಗೂ ಶ್ರೀ ಭರತಪ್ಪ ಅವರಿಗೆ ಶಾಲೆಯ ಕಾರ್ಯದರ್ಶಿಗಳಾದ ಜಗನ್ನಾಥ ಆಲಂಪಲ್ಲಿ, ಮುಖ್ಯೋಪಾಧ್ಯಾಯಿನಿ ಶ್ರೀಮತಿ ಪ್ರಿಯಾಕುಮಾರಿ ಹಾಗೂ ಎಲ್ಲಾ ಶಿಕ್ಷಕ/ಶಿಕ್ಷಕಿಯರು ಹಾಗೂ ಪಾಲಕರು ಅಭಿನಂದನೆಗಳನ್ನು ತಿಳಿಸಿರುತ್ತಾರೆ. ಈ ಸಂದರ್ಭದಲ್ಲಿ ದೈಹಿಕ ಶಿಕ್ಷಕ ರಘುನಾಥ ಶ್ರೀ ವೆಂಕಪ್ಪ ತಳವಾರ, ಶ್ರೀ ವೀರಕುಮಾರ ಶ್ರೀ ನಾಗರಾಜ ಶ್ರೀ ಭಕ್ತಮ್ಮನ ನದಾಫ್ ಶ್ರೀಮತಿ ಸರಸ್ವತಿ ಉಪಸ್ಥಿತರಿದ್ದರು.
